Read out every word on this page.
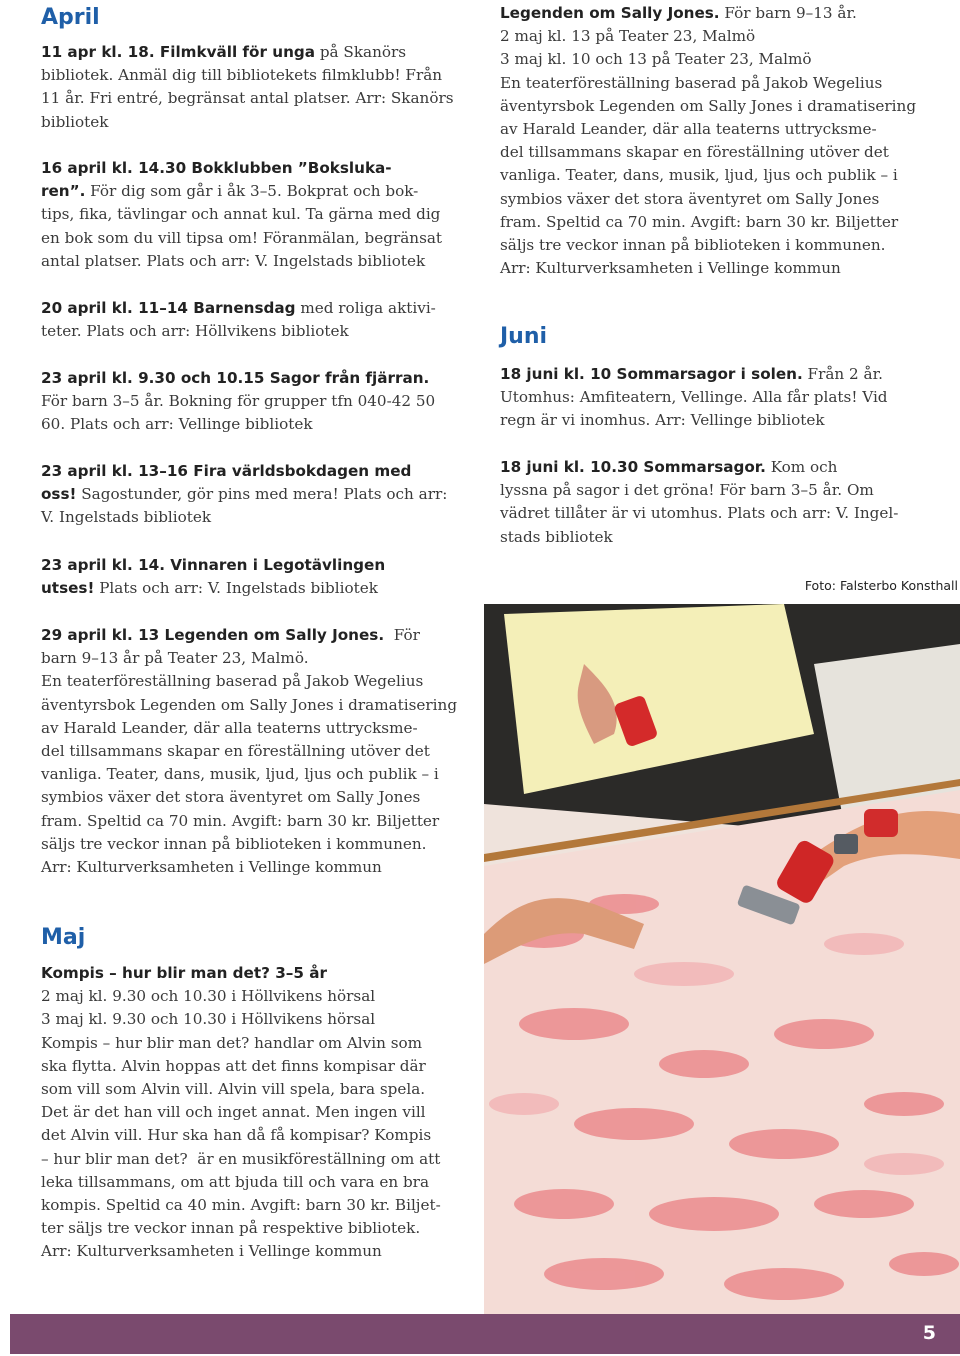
April
11 apr kl. 18. Filmkväll för unga på Skanörs
bibliotek. Anmäl dig till bibliotekets filmklubb! Från
11 år. Fri entré, begränsat antal platser. Arr: Skanörs
bibliotek
16 april kl. 14.30 Bokklubben ”Boksluka-
ren”. För dig som går i åk 3–5. Bokprat och bok-
tips, fika, tävlingar och annat kul. Ta gärna med dig
en bok som du vill tipsa om! Föranmälan, begränsat
antal platser. Plats och arr: V. Ingelstads bibliotek
20 april kl. 11–14 Barnensdag med roliga aktivi-
teter. Plats och arr: Höllvikens bibliotek
23 april kl. 9.30 och 10.15 Sagor från fjärran.
För barn 3–5 år. Bokning för grupper tfn 040-42 50
60. Plats och arr: Vellinge bibliotek
23 april kl. 13–16 Fira världsbokdagen med
oss! Sagostunder, gör pins med mera! Plats och arr:
V. Ingelstads bibliotek
23 april kl. 14. Vinnaren i Legotävlingen
utses! Plats och arr: V. Ingelstads bibliotek
29 april kl. 13 Legenden om Sally Jones.  För
barn 9–13 år på Teater 23, Malmö.
En teaterföreställning baserad på Jakob Wegelius
äventyrsbok Legenden om Sally Jones i dramatisering
av Harald Leander, där alla teaterns uttrycksme-
del tillsammans skapar en föreställning utöver det
vanliga. Teater, dans, musik, ljud, ljus och publik – i
symbios växer det stora äventyret om Sally Jones
fram. Speltid ca 70 min. Avgift: barn 30 kr. Biljetter
säljs tre veckor innan på biblioteken i kommunen.
Arr: Kulturverksamheten i Vellinge kommun
Maj
Kompis – hur blir man det? 3–5 år
2 maj kl. 9.30 och 10.30 i Höllvikens hörsal
3 maj kl. 9.30 och 10.30 i Höllvikens hörsal
Kompis – hur blir man det? handlar om Alvin som
ska flytta. Alvin hoppas att det finns kompisar där
som vill som Alvin vill. Alvin vill spela, bara spela.
Det är det han vill och inget annat. Men ingen vill
det Alvin vill. Hur ska han då få kompisar? Kompis
– hur blir man det?  är en musikföreställning om att
leka tillsammans, om att bjuda till och vara en bra
kompis. Speltid ca 40 min. Avgift: barn 30 kr. Biljet-
ter säljs tre veckor innan på respektive bibliotek.
Arr: Kulturverksamheten i Vellinge kommun
Legenden om Sally Jones. För barn 9–13 år.
2 maj kl. 13 på Teater 23, Malmö
3 maj kl. 10 och 13 på Teater 23, Malmö
En teaterföreställning baserad på Jakob Wegelius
äventyrsbok Legenden om Sally Jones i dramatisering
av Harald Leander, där alla teaterns uttrycksme-
del tillsammans skapar en föreställning utöver det
vanliga. Teater, dans, musik, ljud, ljus och publik – i
symbios växer det stora äventyret om Sally Jones
fram. Speltid ca 70 min. Avgift: barn 30 kr. Biljetter
säljs tre veckor innan på biblioteken i kommunen.
Arr: Kulturverksamheten i Vellinge kommun
Juni
18 juni kl. 10 Sommarsagor i solen. Från 2 år.
Utomhus: Amfiteatern, Vellinge. Alla får plats! Vid
regn är vi inomhus. Arr: Vellinge bibliotek
18 juni kl. 10.30 Sommarsagor. Kom och
lyssna på sagor i det gröna! För barn 3–5 år. Om
vädret tillåter är vi utomhus. Plats och arr: V. Ingel-
stads bibliotek
Foto: Falsterbo Konsthall
5
